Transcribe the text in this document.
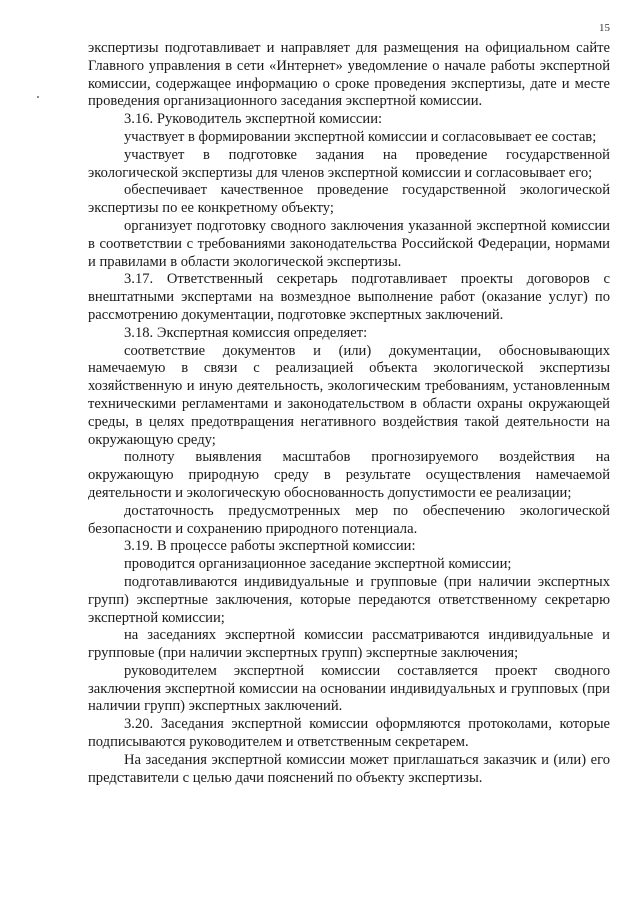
15

экспертизы подготавливает и направляет для размещения на официальном сайте Главного управления в сети «Интернет» уведомление о начале работы экспертной комиссии, содержащее информацию о сроке проведения экспертизы, дате и месте проведения организационного заседания экспертной комиссии.

3.16. Руководитель экспертной комиссии:

участвует в формировании экспертной комиссии и согласовывает ее состав;

участвует в подготовке задания на проведение государственной экологической экспертизы для членов экспертной комиссии и согласовывает его;

обеспечивает качественное проведение государственной экологической экспертизы по ее конкретному объекту;

организует подготовку сводного заключения указанной экспертной комиссии в соответствии с требованиями законодательства Российской Федерации, нормами и правилами в области экологической экспертизы.

3.17. Ответственный секретарь подготавливает проекты договоров с внештатными экспертами на возмездное выполнение работ (оказание услуг) по рассмотрению документации, подготовке экспертных заключений.

3.18. Экспертная комиссия определяет:

соответствие документов и (или) документации, обосновывающих намечаемую в связи с реализацией объекта экологической экспертизы хозяйственную и иную деятельность, экологическим требованиям, установленным техническими регламентами и законодательством в области охраны окружающей среды, в целях предотвращения негативного воздействия такой деятельности на окружающую среду;

полноту выявления масштабов прогнозируемого воздействия на окружающую природную среду в результате осуществления намечаемой деятельности и экологическую обоснованность допустимости ее реализации;

достаточность предусмотренных мер по обеспечению экологической безопасности и сохранению природного потенциала.

3.19. В процессе работы экспертной комиссии:

проводится организационное заседание экспертной комиссии;

подготавливаются индивидуальные и групповые (при наличии экспертных групп) экспертные заключения, которые передаются ответственному секретарю экспертной комиссии;

на заседаниях экспертной комиссии рассматриваются индивидуальные и групповые (при наличии экспертных групп) экспертные заключения;

руководителем экспертной комиссии составляется проект сводного заключения экспертной комиссии на основании индивидуальных и групповых (при наличии групп) экспертных заключений.

3.20. Заседания экспертной комиссии оформляются протоколами, которые подписываются руководителем и ответственным секретарем.

На заседания экспертной комиссии может приглашаться заказчик и (или) его представители с целью дачи пояснений по объекту экспертизы.
